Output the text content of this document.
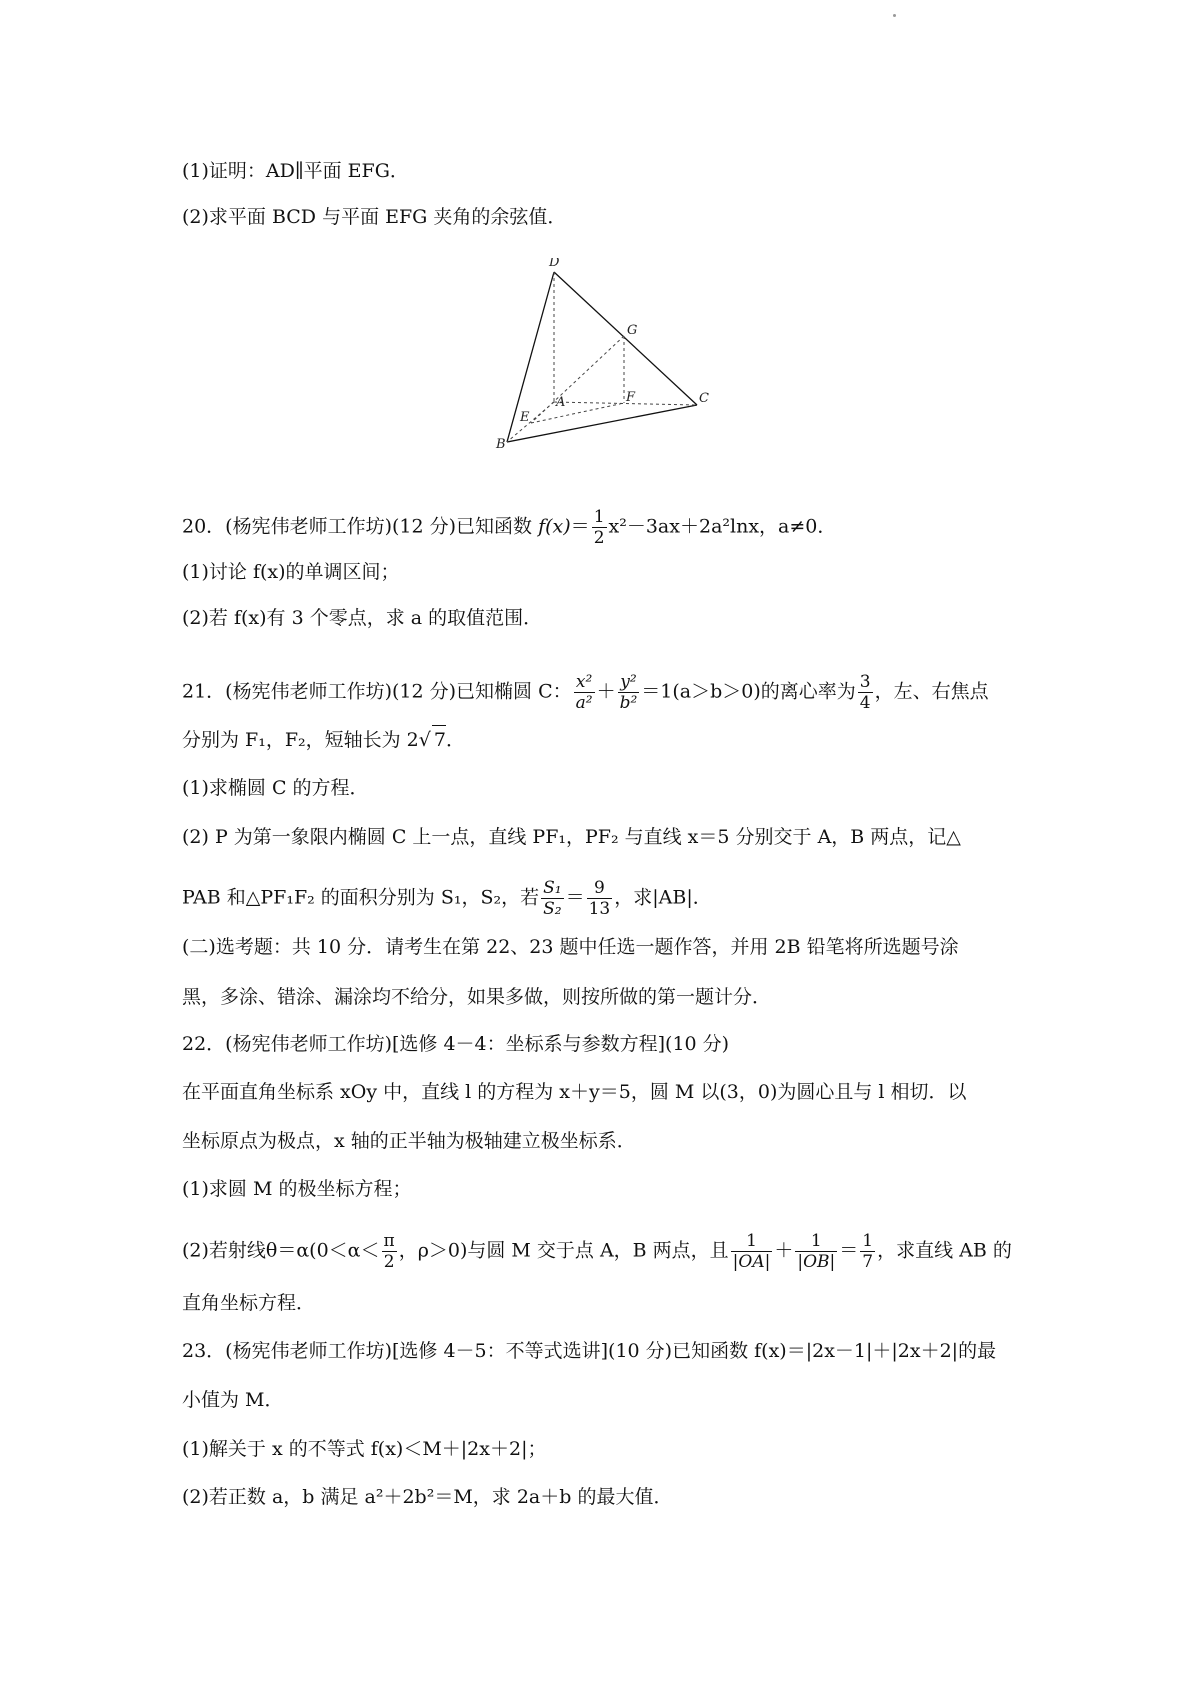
(1)证明：AD∥平面 EFG．
(2)求平面 BCD 与平面 EFG 夹角的余弦值．
D
G
A	F	C
E
B
20．(杨宪伟老师工作坊)(12 分)已知函数 $f(x)= \frac{1}{2} x^2-3ax+2a^2\ln x$，a≠0．
(1)讨论 f(x)的单调区间；
(2)若 f(x)有 3 个零点，求 a 的取值范围．
21．(杨宪伟老师工作坊)(12 分)已知椭圆 C： $\frac{\text{x²}}{\text{a²}} + \frac{\text{y²}}{\text{b²}} =1(a>b>0)$的离心率为 $\frac{3}{4}$ ，左、右焦点
分别为 F₁，F₂，短轴长为 2√ 7．
(1)求椭圆 C 的方程．
(2) P 为第一象限内椭圆 C 上一点，直线 PF₁，PF₂ 与直线 x＝5 分别交于 A，B 两点，记△
PAB 和△PF₁F₂ 的面积分别为 S₁，S₂，若 $\frac{\text{S₁}}{\text{S₂}} = \frac{9}{13}$ ，求|AB|．
(二)选考题：共 10 分．请考生在第 22、23 题中任选一题作答，并用 2B 铅笔将所选题号涂
黑，多涂、错涂、漏涂均不给分，如果多做，则按所做的第一题计分．
22．(杨宪伟老师工作坊)[选修 4－4：坐标系与参数方程](10 分)
在平面直角坐标系 xOy 中，直线 l 的方程为 x＋y＝5，圆 M 以(3，0)为圆心且与 l 相切．以
坐标原点为极点，x 轴的正半轴为极轴建立极坐标系．
(1)求圆 M 的极坐标方程；
(2)若射线$\theta=\alpha(0<\alpha< \frac{\pi}{2}$ ，ρ＞0)与圆 M 交于点 A，B 两点，且 $\frac{1}{|OA|} + \frac{1}{|OB|} = \frac{1}{7}$ ，求直线 AB 的
直角坐标方程．
23．(杨宪伟老师工作坊)[选修 4－5：不等式选讲](10 分)已知函数 f(x)＝|2x－1|＋|2x＋2|的最
小值为 M．
(1)解关于 x 的不等式 f(x)＜M＋|2x＋2|；
(2)若正数 a，b 满足 a²＋2b²＝M，求 2a＋b 的最大值．
